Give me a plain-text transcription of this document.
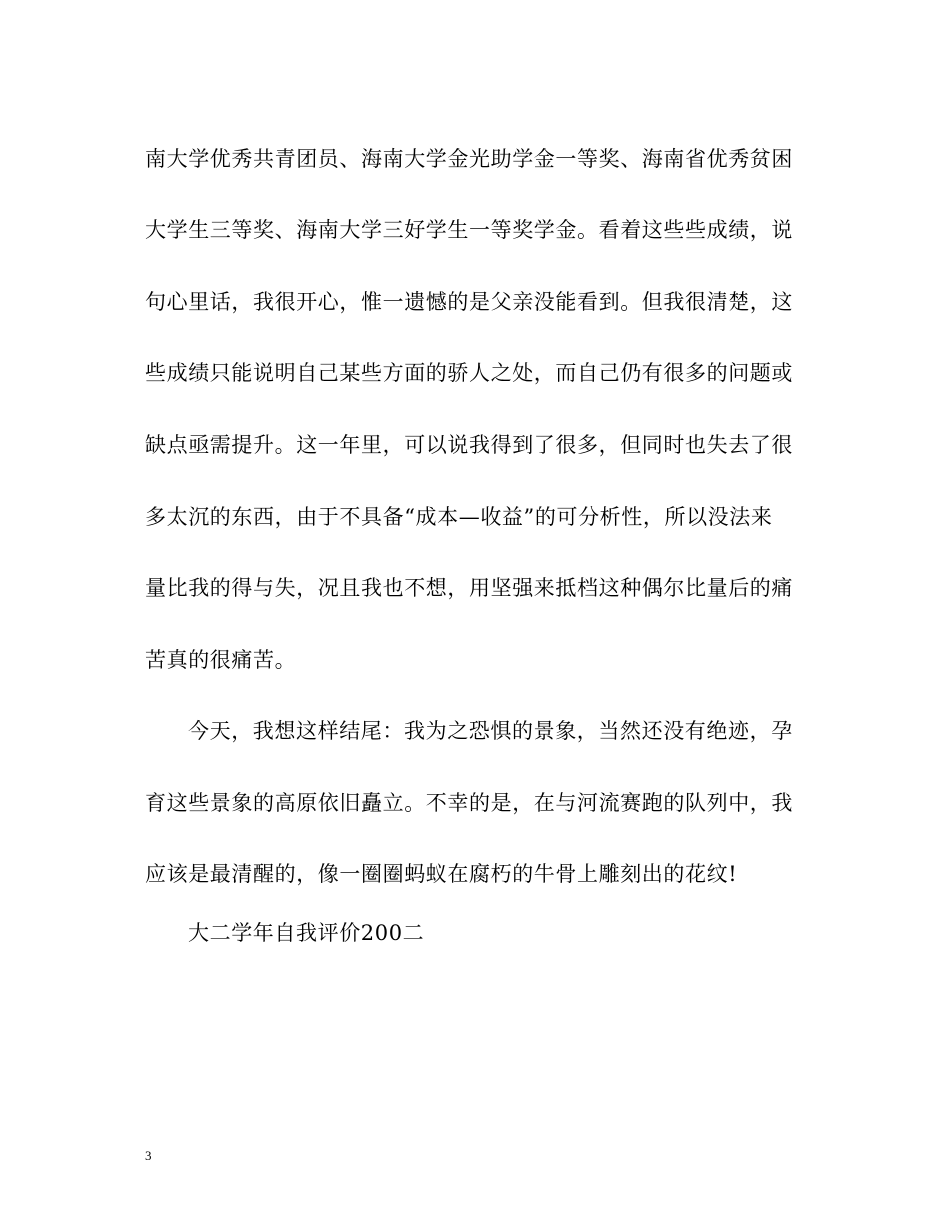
南大学优秀共青团员、海南大学金光助学金一等奖、海南省优秀贫困
大学生三等奖、海南大学三好学生一等奖学金。看着这些些成绩，说
句心里话，我很开心，惟一遗憾的是父亲没能看到。但我很清楚，这
些成绩只能说明自己某些方面的骄人之处，而自己仍有很多的问题或
缺点亟需提升。这一年里，可以说我得到了很多，但同时也失去了很
多太沉的东西，由于不具备“成本—收益”的可分析性，所以没法来
量比我的得与失，况且我也不想，用坚强来抵档这种偶尔比量后的痛
苦真的很痛苦。
今天，我想这样结尾：我为之恐惧的景象，当然还没有绝迹，孕
育这些景象的高原依旧矗立。不幸的是，在与河流赛跑的队列中，我
应该是最清醒的，像一圈圈蚂蚁在腐朽的牛骨上雕刻出的花纹!
大二学年自我评价200二
3
